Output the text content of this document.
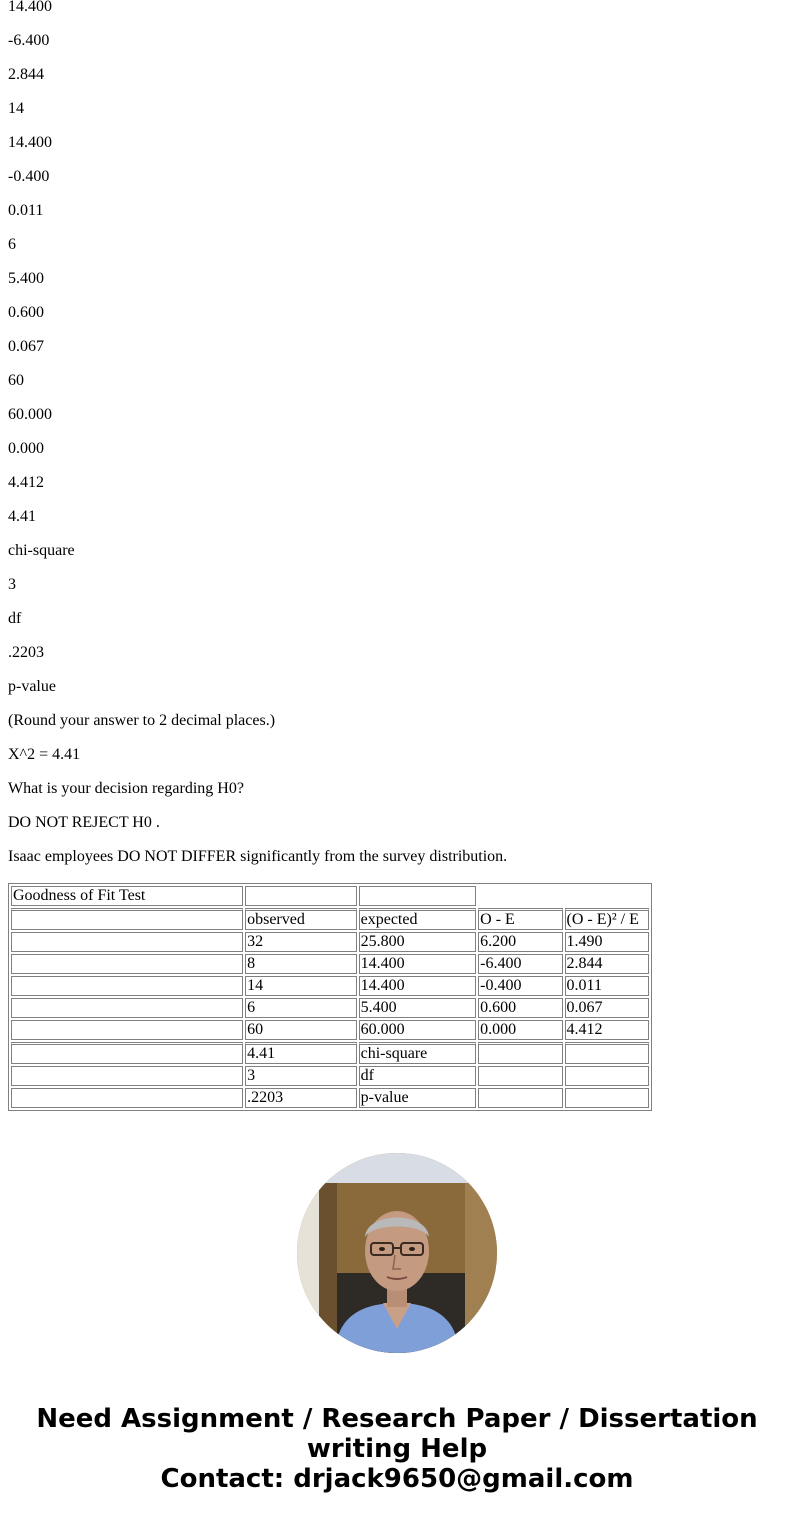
14.400
-6.400
2.844
14
14.400
-0.400
0.011
6
5.400
0.600
0.067
60
60.000
0.000
4.412
4.41
chi-square
3
df
.2203
p-value
(Round your answer to 2 decimal places.)
X^2 = 4.41
What is your decision regarding H0?
DO NOT REJECT H0 .
Isaac employees DO NOT DIFFER significantly from the survey distribution.
Goodness of Fit Test				
	observed	expected	O - E	(O - E)² / E
	32	25.800	6.200	1.490
	8	14.400	-6.400	2.844
	14	14.400	-0.400	0.011
	6	5.400	0.600	0.067
	60	60.000	0.000	4.412
	4.41	chi-square		
	3	df		
	.2203	p-value		
Need Assignment / Research Paper / Dissertation
writing Help
Contact: drjack9650@gmail.com
